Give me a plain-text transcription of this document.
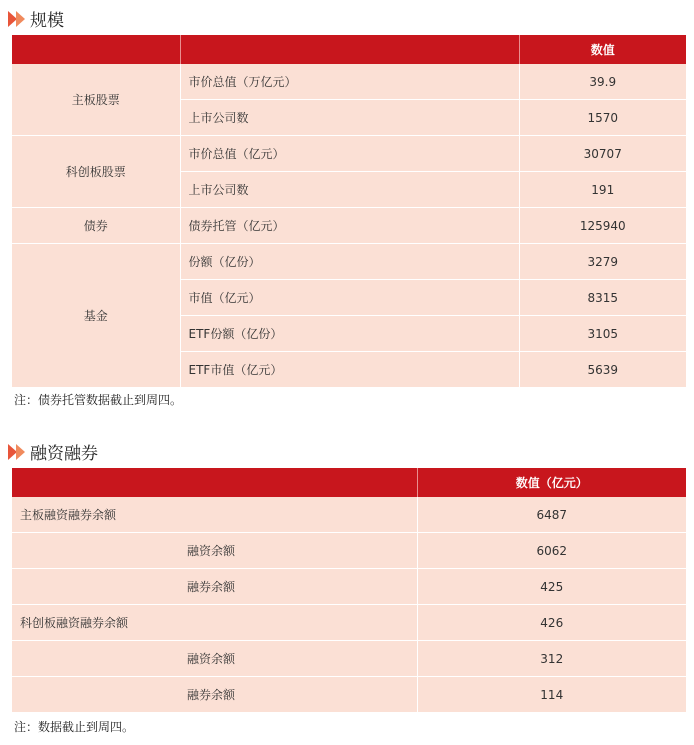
规模
		数值
主板股票	市价总值（万亿元）	39.9
	上市公司数	1570
科创板股票	市价总值（亿元）	30707
	上市公司数	191
债券	债券托管（亿元）	125940
基金	份额（亿份）	3279
	市值（亿元）	8315
	ETF份额（亿份）	3105
	ETF市值（亿元）	5639
注：债券托管数据截止到周四。
融资融券
	数值（亿元）
主板融资融券余额	6487
融资余额	6062
融券余额	425
科创板融资融券余额	426
融资余额	312
融券余额	114
注：数据截止到周四。
